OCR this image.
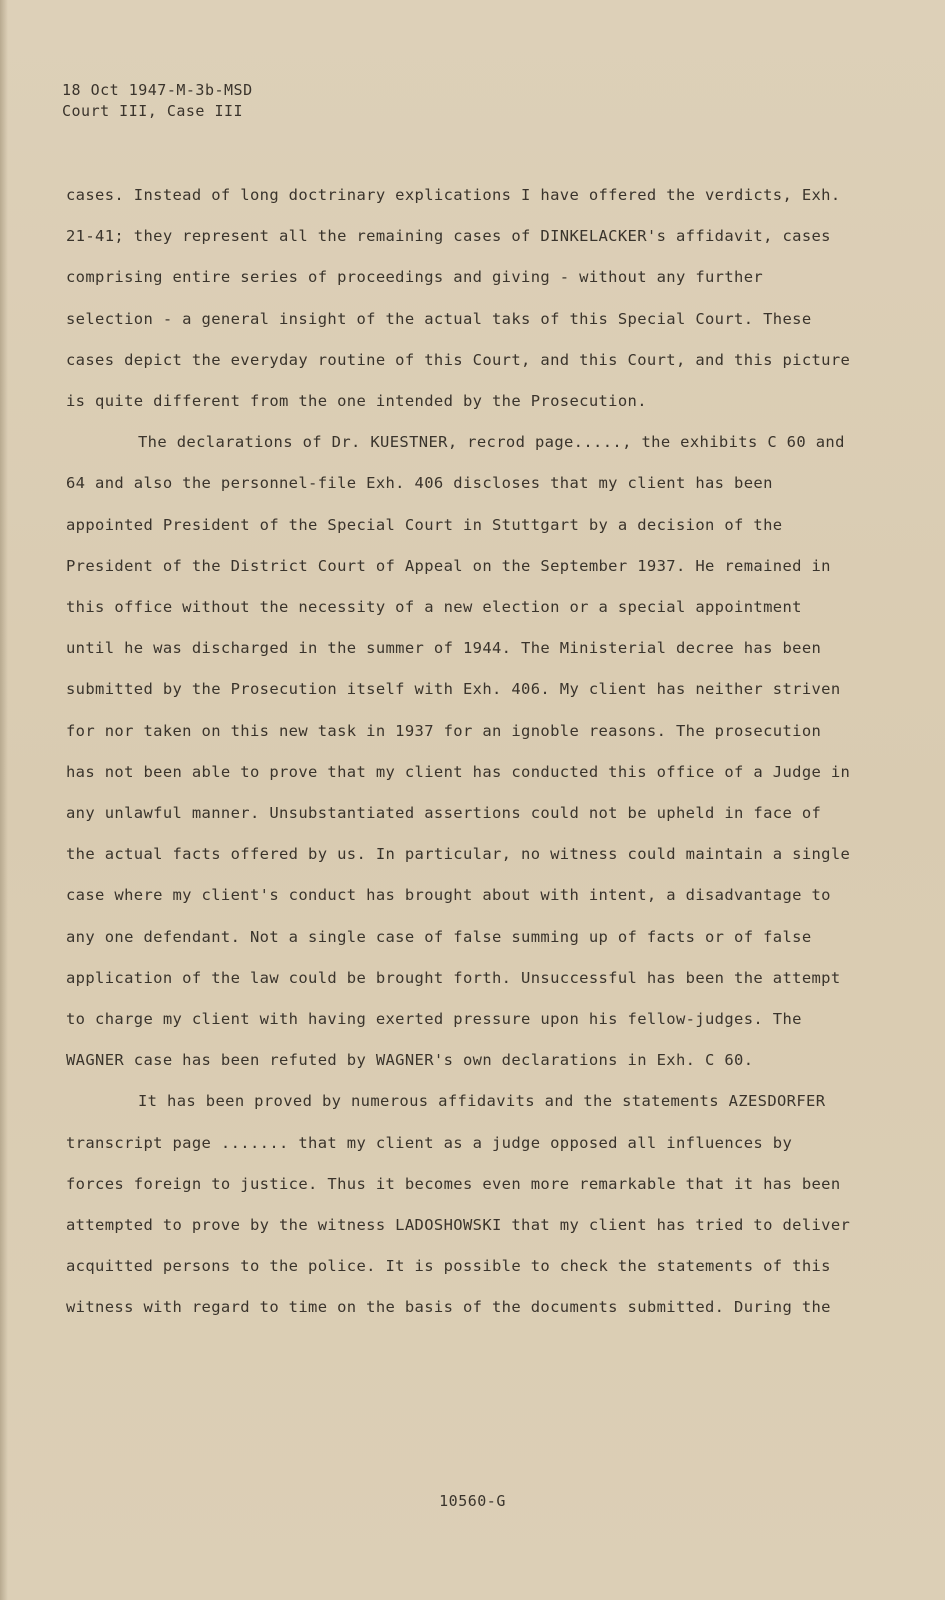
18 Oct 1947-M-3b-MSD
Court III, Case III

cases. Instead of long doctrinary explications I have offered the verdicts, Exh. 21-41; they represent all the remaining cases of DINKELACKER's affidavit, cases comprising entire series of proceedings and giving - without any further selection - a general insight of the actual taks of this Special Court. These cases depict the everyday routine of this Court, and this Court, and this picture is quite different from the one intended by the Prosecution.

The declarations of Dr. KUESTNER, recrod page....., the exhibits C 60 and 64 and also the personnel-file Exh. 406 discloses that my client has been appointed President of the Special Court in Stuttgart by a decision of the President of the District Court of Appeal on the September 1937. He remained in this office without the necessity of a new election or a special appointment until he was discharged in the summer of 1944. The Ministerial decree has been submitted by the Prosecution itself with Exh. 406. My client has neither striven for nor taken on this new task in 1937 for an ignoble reasons. The prosecution has not been able to prove that my client has conducted this office of a Judge in any unlawful manner. Unsubstantiated assertions could not be upheld in face of the actual facts offered by us. In particular, no witness could maintain a single case where my client's conduct has brought about with intent, a disadvantage to any one defendant. Not a single case of false summing up of facts or of false application of the law could be brought forth. Unsuccessful has been the attempt to charge my client with having exerted pressure upon his fellow-judges. The WAGNER case has been refuted by WAGNER's own declarations in Exh. C 60.

It has been proved by numerous affidavits and the statements AZESDORFER transcript page ....... that my client as a judge opposed all influences by forces foreign to justice. Thus it becomes even more remarkable that it has been attempted to prove by the witness LADOSHOWSKI that my client has tried to deliver acquitted persons to the police. It is possible to check the statements of this witness with regard to time on the basis of the documents submitted. During the

10560-G
